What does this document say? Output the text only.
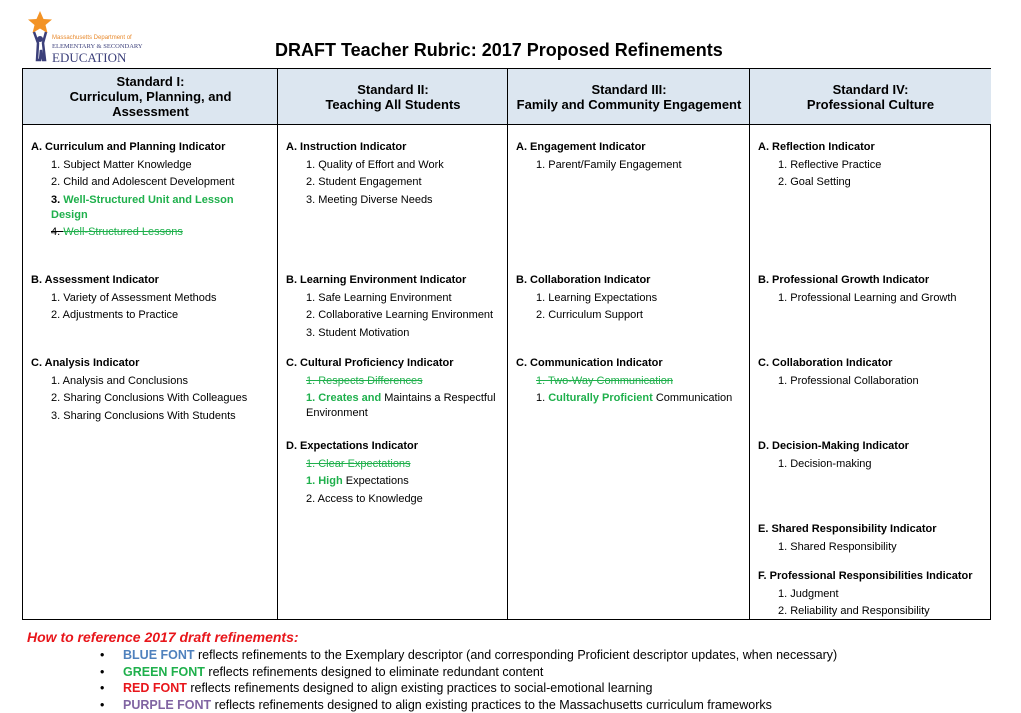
Massachusetts Department of
ELEMENTARY & SECONDARY
EDUCATION	DRAFT Teacher Rubric: 2017 Proposed Refinements
Standard I:
Curriculum, Planning, and
Assessment
A. Curriculum and Planning Indicator
1. Subject Matter Knowledge
2. Child and Adolescent Development
3. Well-Structured Unit and Lesson Design
4. Well-Structured Lessons
B. Assessment Indicator
1. Variety of Assessment Methods
2. Adjustments to Practice
C. Analysis Indicator
1. Analysis and Conclusions
2. Sharing Conclusions With Colleagues
3. Sharing Conclusions With Students
Standard II:
Teaching All Students
A. Instruction Indicator
1. Quality of Effort and Work
2. Student Engagement
3. Meeting Diverse Needs
B. Learning Environment Indicator
1. Safe Learning Environment
2. Collaborative Learning Environment
3. Student Motivation
C. Cultural Proficiency Indicator
1. Respects Differences
1. Creates and Maintains a Respectful Environment
D. Expectations Indicator
1. Clear Expectations
1. High Expectations
2. Access to Knowledge
Standard III:
Family and Community Engagement
A. Engagement Indicator
1. Parent/Family Engagement
B. Collaboration Indicator
1. Learning Expectations
2. Curriculum Support
C. Communication Indicator
1. Two-Way Communication
1. Culturally Proficient Communication
Standard IV:
Professional Culture
A. Reflection Indicator
1. Reflective Practice
2. Goal Setting
B. Professional Growth Indicator
1. Professional Learning and Growth
C. Collaboration Indicator
1. Professional Collaboration
D. Decision-Making Indicator
1. Decision-making
E. Shared Responsibility Indicator
1. Shared Responsibility
F. Professional Responsibilities Indicator
1. Judgment
2. Reliability and Responsibility
How to reference 2017 draft refinements:
• BLUE FONT reflects refinements to the Exemplary descriptor (and corresponding Proficient descriptor updates, when necessary)
• GREEN FONT reflects refinements designed to eliminate redundant content
• RED FONT reflects refinements designed to align existing practices to social-emotional learning
• PURPLE FONT reflects refinements designed to align existing practices to the Massachusetts curriculum frameworks
